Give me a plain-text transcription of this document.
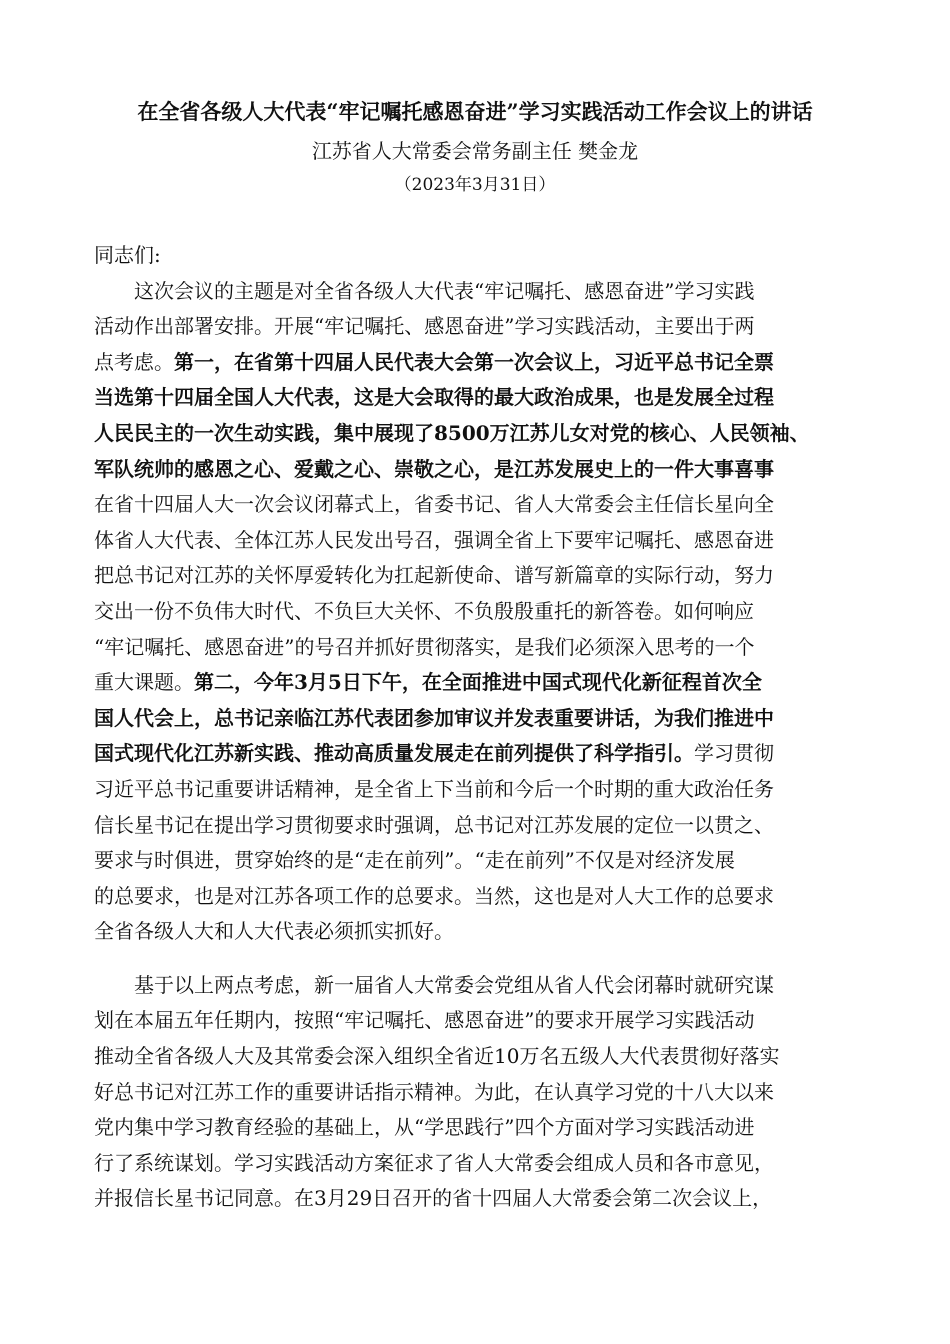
在全省各级人大代表“牢记嘱托感恩奋进”学习实践活动工作会议上的讲话
江苏省人大常委会常务副主任 樊金龙
（2023年3月31日）
同志们:
这次会议的主题是对全省各级人大代表“牢记嘱托、感恩奋进”学习实践
活动作出部署安排。开展“牢记嘱托、感恩奋进”学习实践活动，主要出于两
点考虑。第一，在省第十四届人民代表大会第一次会议上，习近平总书记全票
当选第十四届全国人大代表，这是大会取得的最大政治成果，也是发展全过程
人民民主的一次生动实践，集中展现了8500万江苏儿女对党的核心、人民领袖、
军队统帅的感恩之心、爱戴之心、崇敬之心，是江苏发展史上的一件大事喜事
在省十四届人大一次会议闭幕式上，省委书记、省人大常委会主任信长星向全
体省人大代表、全体江苏人民发出号召，强调全省上下要牢记嘱托、感恩奋进
把总书记对江苏的关怀厚爱转化为扛起新使命、谱写新篇章的实际行动，努力
交出一份不负伟大时代、不负巨大关怀、不负殷殷重托的新答卷。如何响应
“牢记嘱托、感恩奋进”的号召并抓好贯彻落实，是我们必须深入思考的一个
重大课题。第二，今年3月5日下午，在全面推进中国式现代化新征程首次全
国人代会上，总书记亲临江苏代表团参加审议并发表重要讲话，为我们推进中
国式现代化江苏新实践、推动高质量发展走在前列提供了科学指引。学习贯彻
习近平总书记重要讲话精神，是全省上下当前和今后一个时期的重大政治任务
信长星书记在提出学习贯彻要求时强调，总书记对江苏发展的定位一以贯之、
要求与时俱进，贯穿始终的是“走在前列”。“走在前列”不仅是对经济发展
的总要求，也是对江苏各项工作的总要求。当然，这也是对人大工作的总要求
全省各级人大和人大代表必须抓实抓好。
基于以上两点考虑，新一届省人大常委会党组从省人代会闭幕时就研究谋
划在本届五年任期内，按照“牢记嘱托、感恩奋进”的要求开展学习实践活动
推动全省各级人大及其常委会深入组织全省近10万名五级人大代表贯彻好落实
好总书记对江苏工作的重要讲话指示精神。为此，在认真学习党的十八大以来
党内集中学习教育经验的基础上，从“学思践行”四个方面对学习实践活动进
行了系统谋划。学习实践活动方案征求了省人大常委会组成人员和各市意见，
并报信长星书记同意。在3月29日召开的省十四届人大常委会第二次会议上，
